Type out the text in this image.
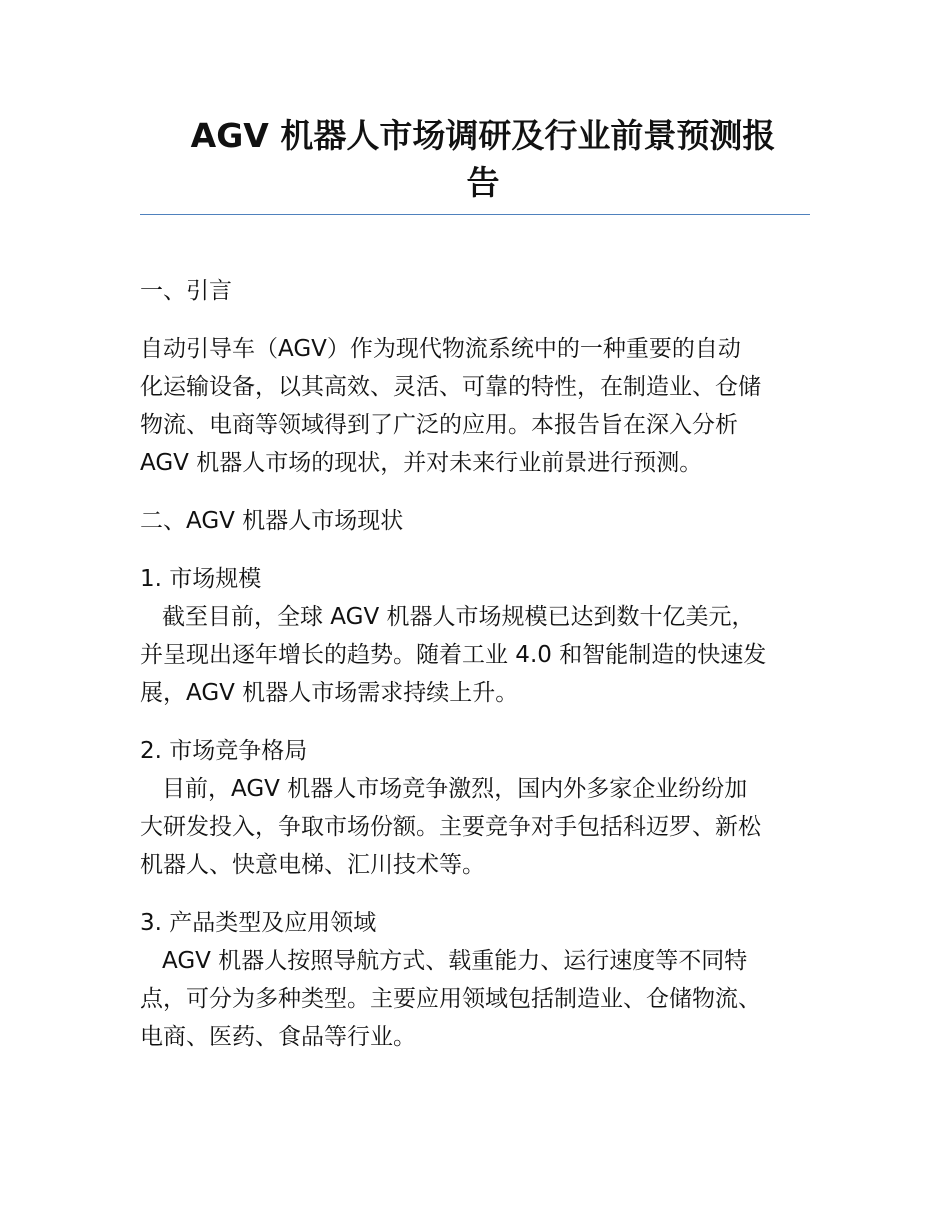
AGV 机器人市场调研及行业前景预测报
告

一、引言

自动引导车（AGV）作为现代物流系统中的一种重要的自动
化运输设备，以其高效、灵活、可靠的特性，在制造业、仓储
物流、电商等领域得到了广泛的应用。本报告旨在深入分析
AGV 机器人市场的现状，并对未来行业前景进行预测。

二、AGV 机器人市场现状

1. 市场规模

截至目前，全球 AGV 机器人市场规模已达到数十亿美元，
并呈现出逐年增长的趋势。随着工业 4.0 和智能制造的快速发
展，AGV 机器人市场需求持续上升。

2. 市场竞争格局

目前，AGV 机器人市场竞争激烈，国内外多家企业纷纷加
大研发投入，争取市场份额。主要竞争对手包括科迈罗、新松
机器人、快意电梯、汇川技术等。

3. 产品类型及应用领域

AGV 机器人按照导航方式、载重能力、运行速度等不同特
点，可分为多种类型。主要应用领域包括制造业、仓储物流、
电商、医药、食品等行业。
